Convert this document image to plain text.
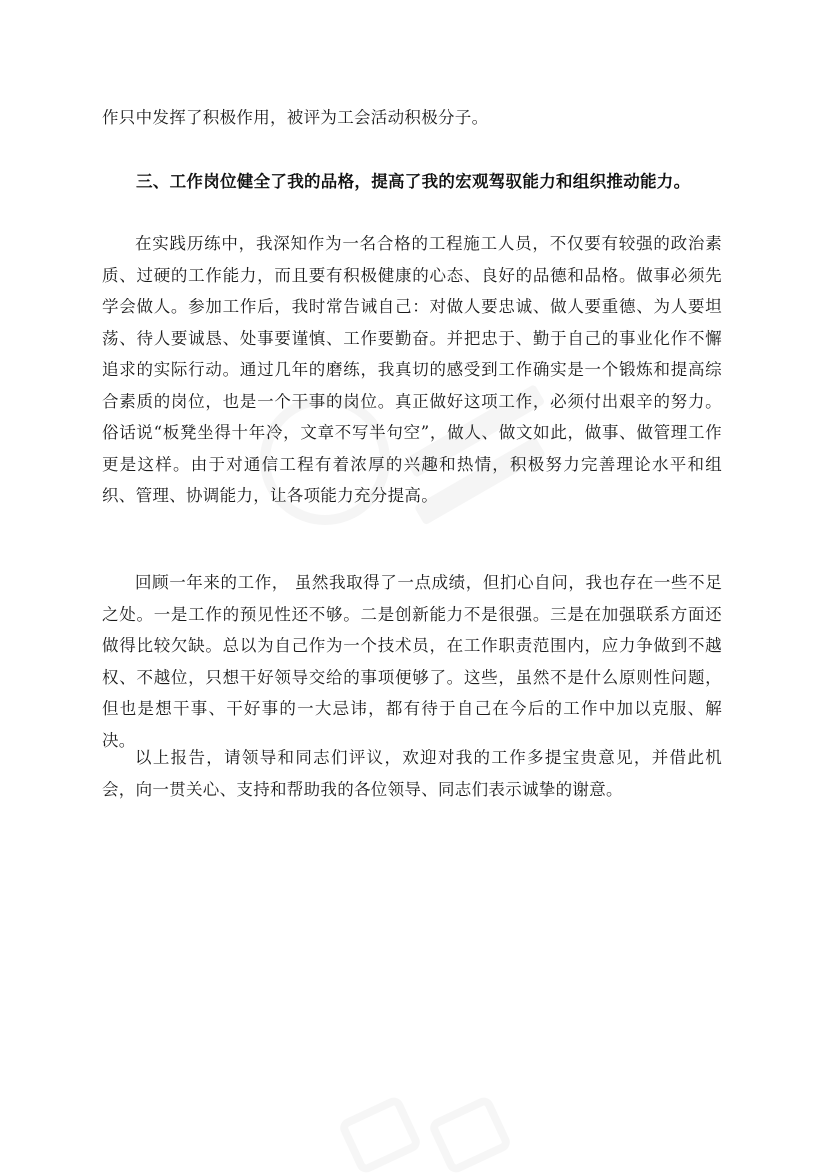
作只中发挥了积极作用，被评为工会活动积极分子。
三、工作岗位健全了我的品格，提高了我的宏观驾驭能力和组织推动能力。
在实践历练中，我深知作为一名合格的工程施工人员，不仅要有较强的政治素质、过硬的工作能力，而且要有积极健康的心态、良好的品德和品格。做事必须先学会做人。参加工作后，我时常告诫自己：对做人要忠诚、做人要重德、为人要坦荡、待人要诚恳、处事要谨慎、工作要勤奋。并把忠于、勤于自己的事业化作不懈追求的实际行动。通过几年的磨练，我真切的感受到工作确实是一个锻炼和提高综合素质的岗位，也是一个干事的岗位。真正做好这项工作，必须付出艰辛的努力。俗话说“板凳坐得十年冷，文章不写半句空”，做人、做文如此，做事、做管理工作更是这样。由于对通信工程有着浓厚的兴趣和热情，积极努力完善理论水平和组织、管理、协调能力，让各项能力充分提高。
回顾一年来的工作， 虽然我取得了一点成绩，但扪心自问，我也存在一些不足之处。一是工作的预见性还不够。二是创新能力不是很强。三是在加强联系方面还做得比较欠缺。总以为自己作为一个技术员，在工作职责范围内，应力争做到不越权、不越位，只想干好领导交给的事项便够了。这些，虽然不是什么原则性问题，但也是想干事、干好事的一大忌讳，都有待于自己在今后的工作中加以克服、解决。
以上报告，请领导和同志们评议，欢迎对我的工作多提宝贵意见，并借此机会，向一贯关心、支持和帮助我的各位领导、同志们表示诚挚的谢意。
